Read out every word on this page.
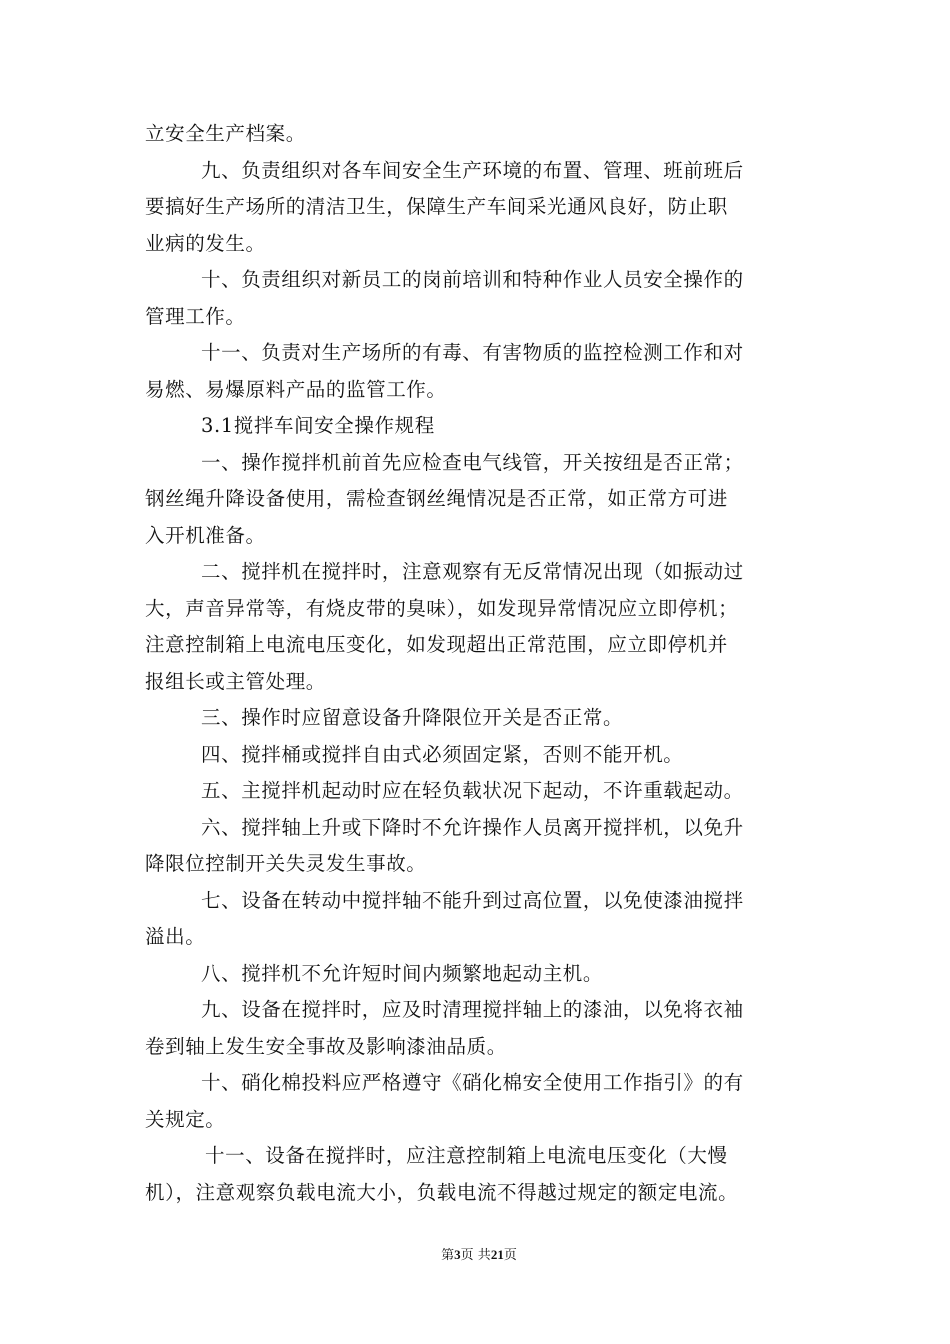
立安全生产档案。
九、负责组织对各车间安全生产环境的布置、管理、班前班后
要搞好生产场所的清洁卫生，保障生产车间采光通风良好，防止职
业病的发生。
十、负责组织对新员工的岗前培训和特种作业人员安全操作的
管理工作。
十一、负责对生产场所的有毒、有害物质的监控检测工作和对
易燃、易爆原料产品的监管工作。
3.1搅拌车间安全操作规程
一、操作搅拌机前首先应检查电气线管，开关按纽是否正常；
钢丝绳升降设备使用，需检查钢丝绳情况是否正常，如正常方可进
入开机准备。
二、搅拌机在搅拌时，注意观察有无反常情况出现（如振动过
大，声音异常等，有烧皮带的臭味），如发现异常情况应立即停机；
注意控制箱上电流电压变化，如发现超出正常范围，应立即停机并
报组长或主管处理。
三、操作时应留意设备升降限位开关是否正常。
四、搅拌桶或搅拌自由式必须固定紧，否则不能开机。
五、主搅拌机起动时应在轻负载状况下起动，不许重载起动。
六、搅拌轴上升或下降时不允许操作人员离开搅拌机，以免升
降限位控制开关失灵发生事故。
七、设备在转动中搅拌轴不能升到过高位置，以免使漆油搅拌
溢出。
八、搅拌机不允许短时间内频繁地起动主机。
九、设备在搅拌时，应及时清理搅拌轴上的漆油，以免将衣袖
卷到轴上发生安全事故及影响漆油品质。
十、硝化棉投料应严格遵守《硝化棉安全使用工作指引》的有
关规定。
十一、设备在搅拌时，应注意控制箱上电流电压变化（大慢
机），注意观察负载电流大小，负载电流不得越过规定的额定电流。
第3页 共21页
